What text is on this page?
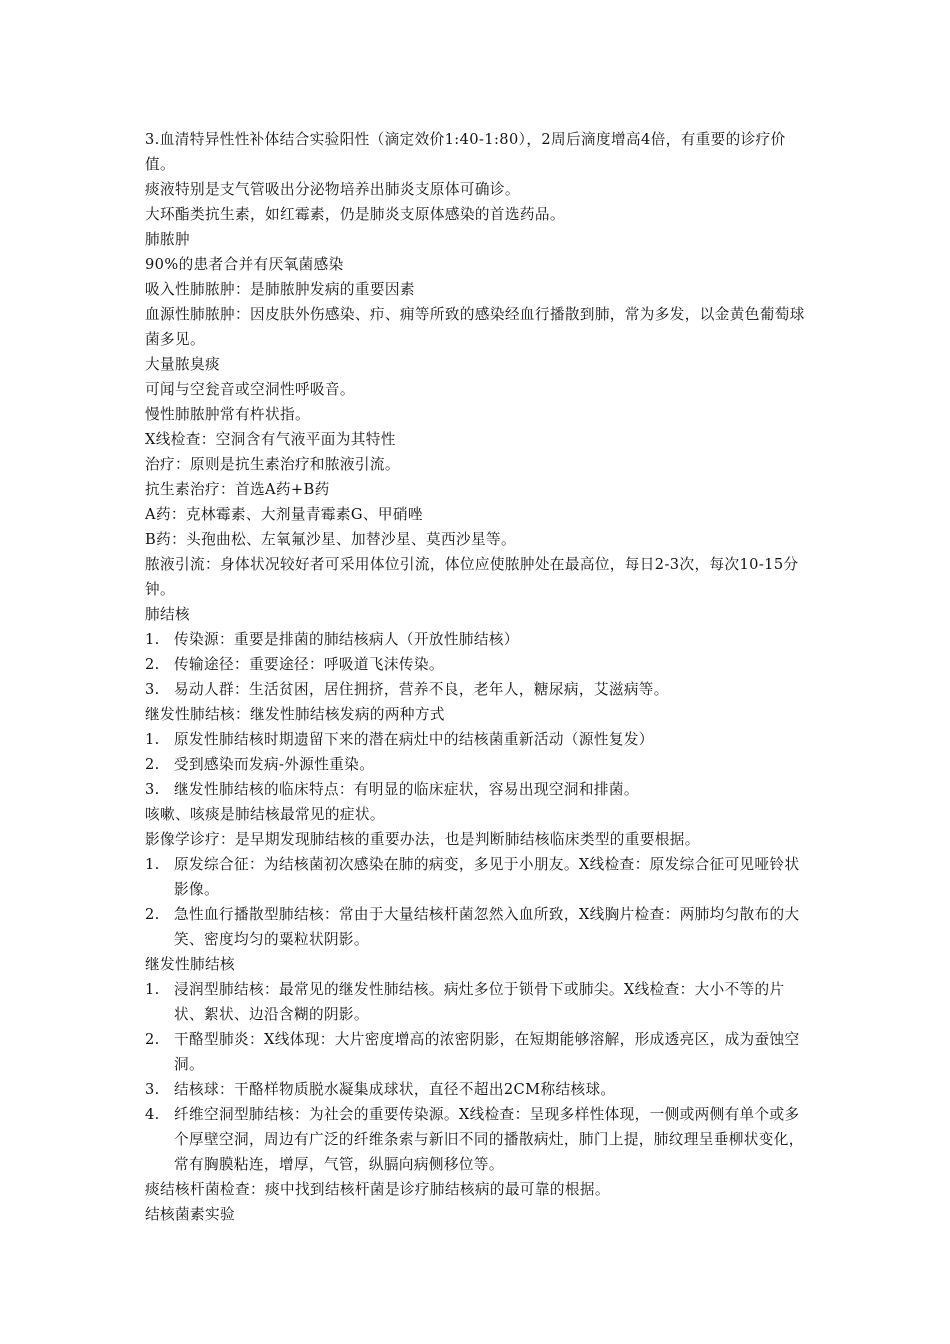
3.血清特异性性补体结合实验阳性（滴定效价1:40-1:80），2周后滴度增高4倍，有重要的诊疗价值。
痰液特别是支气管吸出分泌物培养出肺炎支原体可确诊。
大环酯类抗生素，如红霉素，仍是肺炎支原体感染的首选药品。
肺脓肿
90%的患者合并有厌氧菌感染
吸入性肺脓肿：是肺脓肿发病的重要因素
血源性肺脓肿：因皮肤外伤感染、疖、痈等所致的感染经血行播散到肺，常为多发，以金黄色葡萄球菌多见。
大量脓臭痰
可闻与空瓮音或空洞性呼吸音。
慢性肺脓肿常有杵状指。
X线检查：空洞含有气液平面为其特性
治疗：原则是抗生素治疗和脓液引流。
抗生素治疗：首选A药+B药
A药：克林霉素、大剂量青霉素G、甲硝唑
B药：头孢曲松、左氧氟沙星、加替沙星、莫西沙星等。
脓液引流：身体状况较好者可采用体位引流，体位应使脓肿处在最高位，每日2-3次，每次10-15分钟。
肺结核
1. 传染源：重要是排菌的肺结核病人（开放性肺结核）
2. 传输途径：重要途径：呼吸道飞沫传染。
3. 易动人群：生活贫困，居住拥挤，营养不良，老年人，糖尿病，艾滋病等。
继发性肺结核：继发性肺结核发病的两种方式
1. 原发性肺结核时期遗留下来的潜在病灶中的结核菌重新活动（源性复发）
2. 受到感染而发病-外源性重染。
3. 继发性肺结核的临床特点：有明显的临床症状，容易出现空洞和排菌。
咳嗽、咳痰是肺结核最常见的症状。
影像学诊疗：是早期发现肺结核的重要办法，也是判断肺结核临床类型的重要根据。
1. 原发综合征：为结核菌初次感染在肺的病变，多见于小朋友。X线检查：原发综合征可见哑铃状影像。
2. 急性血行播散型肺结核：常由于大量结核杆菌忽然入血所致，X线胸片检查：两肺均匀散布的大笑、密度均匀的粟粒状阴影。
继发性肺结核
1. 浸润型肺结核：最常见的继发性肺结核。病灶多位于锁骨下或肺尖。X线检查：大小不等的片状、絮状、边沿含糊的阴影。
2. 干酪型肺炎：X线体现：大片密度增高的浓密阴影，在短期能够溶解，形成透亮区，成为蚕蚀空洞。
3. 结核球：干酪样物质脱水凝集成球状，直径不超出2CM称结核球。
4. 纤维空洞型肺结核：为社会的重要传染源。X线检查：呈现多样性体现，一侧或两侧有单个或多个厚壁空洞，周边有广泛的纤维条索与新旧不同的播散病灶，肺门上提，肺纹理呈垂柳状变化，常有胸膜粘连，增厚，气管，纵膈向病侧移位等。
痰结核杆菌检查：痰中找到结核杆菌是诊疗肺结核病的最可靠的根据。
结核菌素实验
